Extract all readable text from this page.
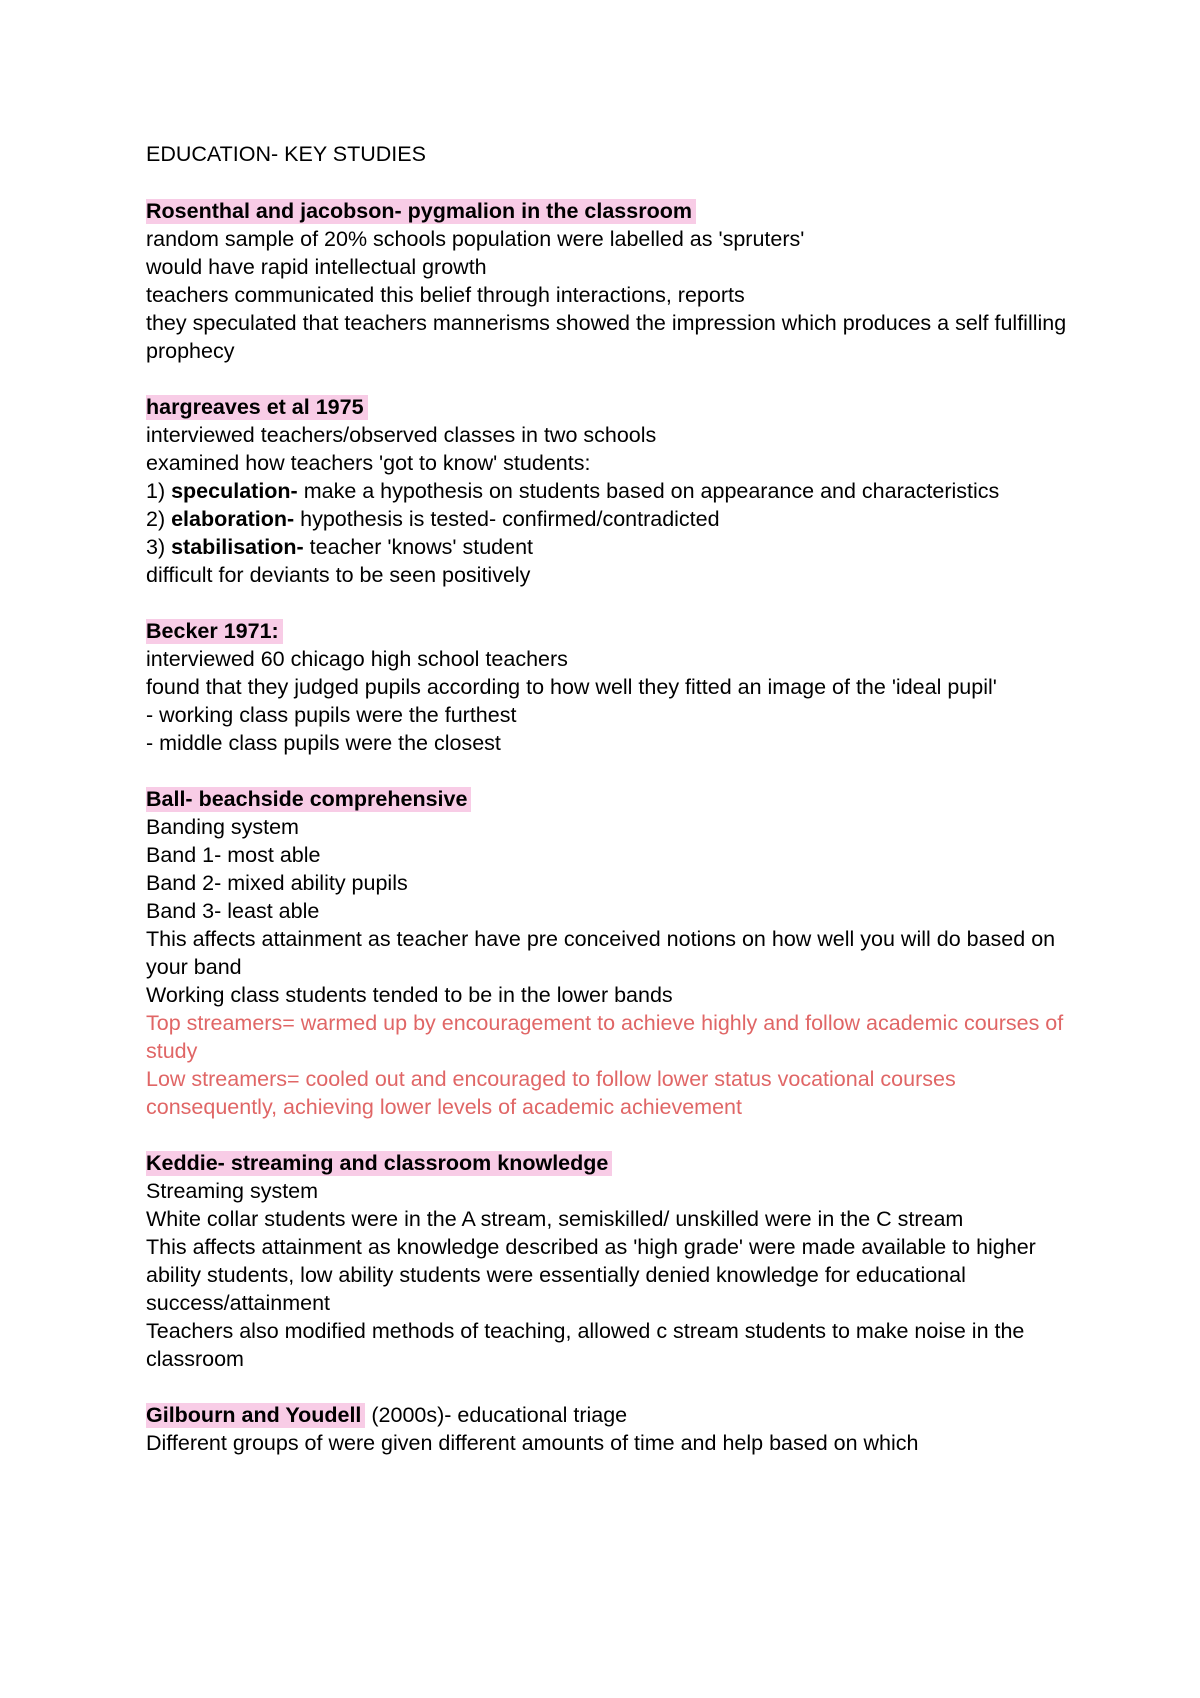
EDUCATION- KEY STUDIES
Rosenthal and jacobson- pygmalion in the classroom
random sample of 20% schools population were labelled as 'spruters'
would have rapid intellectual growth
teachers communicated this belief through interactions, reports
they speculated that teachers mannerisms showed the impression which produces a self fulfilling prophecy
hargreaves et al 1975
interviewed teachers/observed classes in two schools
examined how teachers 'got to know' students:
1) speculation- make a hypothesis on students based on appearance and characteristics
2) elaboration- hypothesis is tested- confirmed/contradicted
3) stabilisation- teacher 'knows' student
difficult for deviants to be seen positively
Becker 1971:
interviewed 60 chicago high school teachers
found that they judged pupils according to how well they fitted an image of the 'ideal pupil'
- working class pupils were the furthest
- middle class pupils were the closest
Ball- beachside comprehensive
Banding system
Band 1- most able
Band 2- mixed ability pupils
Band 3- least able
This affects attainment as teacher have pre conceived notions on how well you will do based on your band
Working class students tended to be in the lower bands
Top streamers= warmed up by encouragement to achieve highly and follow academic courses of study
Low streamers= cooled out and encouraged to follow lower status vocational courses consequently, achieving lower levels of academic achievement
Keddie- streaming and classroom knowledge
Streaming system
White collar students were in the A stream, semiskilled/ unskilled were in the C stream
This affects attainment as knowledge described as 'high grade' were made available to higher ability students, low ability students were essentially denied knowledge for educational success/attainment
Teachers also modified methods of teaching, allowed c stream students to make noise in the classroom
Gilbourn and Youdell (2000s)- educational triage
Different groups of were given different amounts of time and help based on which
